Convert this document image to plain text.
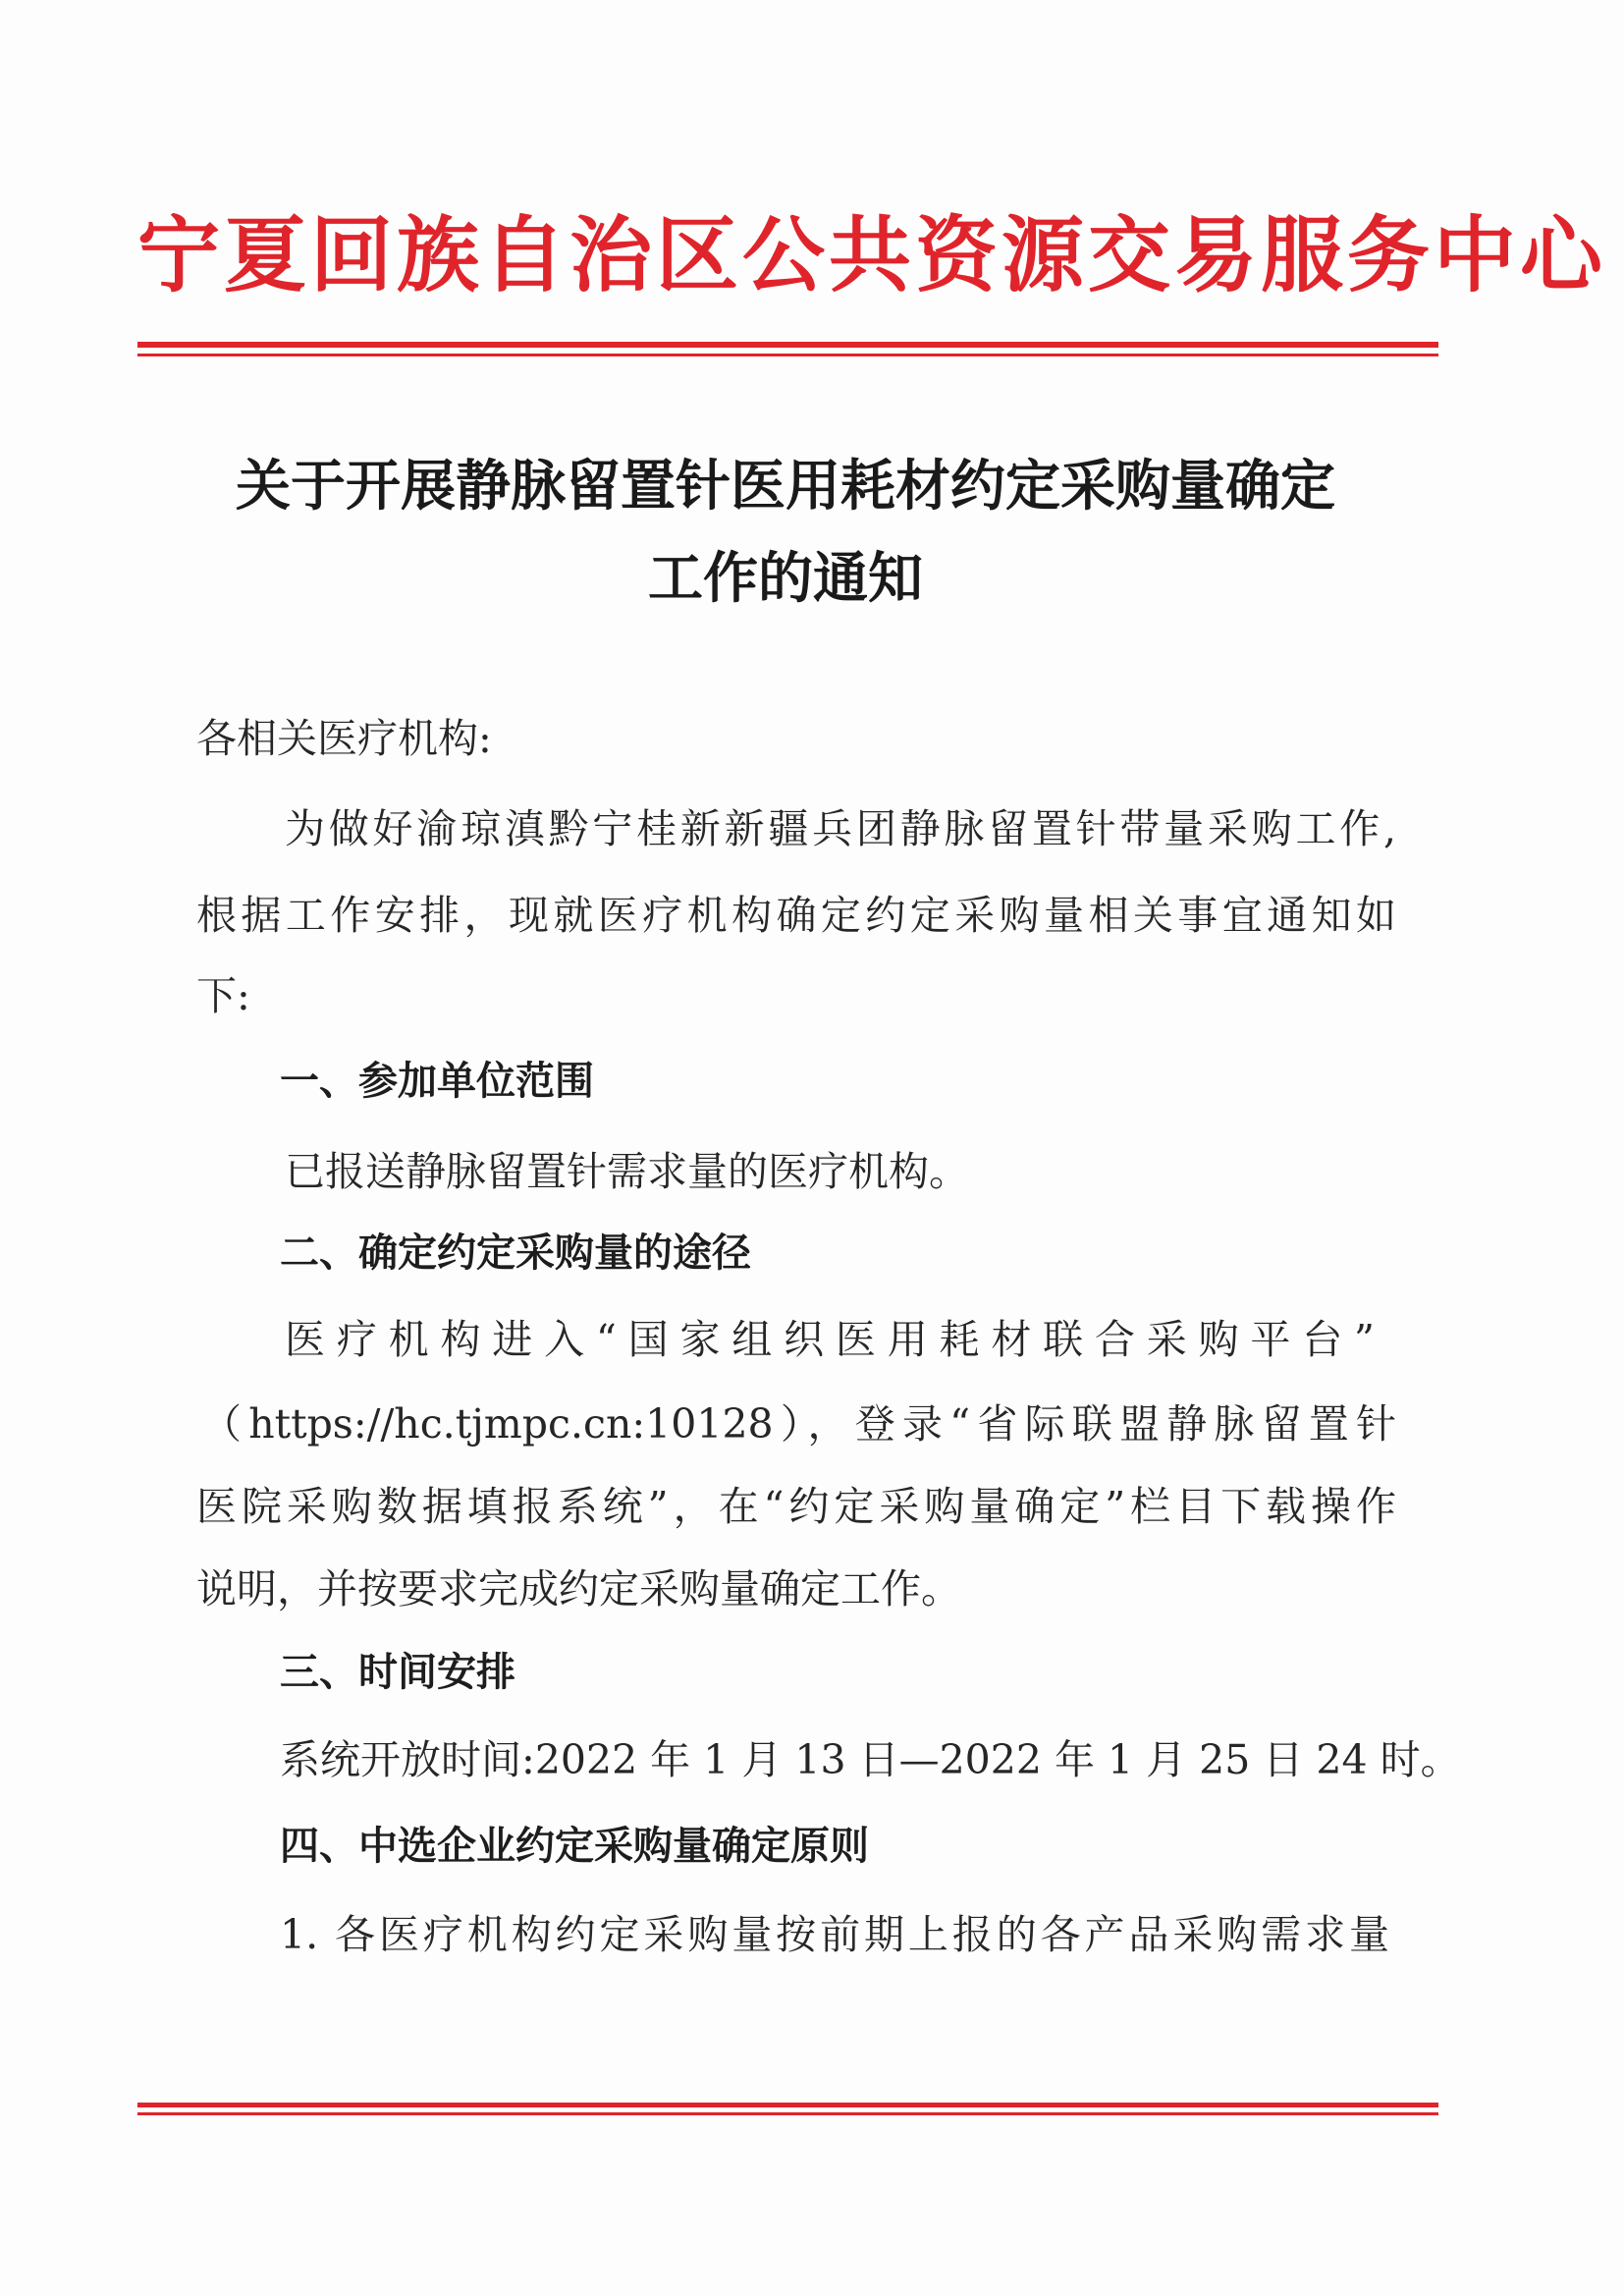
宁夏回族自治区公共资源交易服务中心
关于开展静脉留置针医用耗材约定采购量确定
工作的通知
各相关医疗机构:
为做好渝琼滇黔宁桂新新疆兵团静脉留置针带量采购工作,
根据工作安排，现就医疗机构确定约定采购量相关事宜通知如
下:
一、参加单位范围
已报送静脉留置针需求量的医疗机构。
二、确定约定采购量的途径
医疗机构进入“国家组织医用耗材联合采购平台”
（https://hc.tjmpc.cn:10128），登录“省际联盟静脉留置针
医院采购数据填报系统”，在“约定采购量确定”栏目下载操作
说明，并按要求完成约定采购量确定工作。
三、时间安排
系统开放时间:2022 年 1 月 13 日—2022 年 1 月 25 日 24 时。
四、中选企业约定采购量确定原则
1. 各医疗机构约定采购量按前期上报的各产品采购需求量
